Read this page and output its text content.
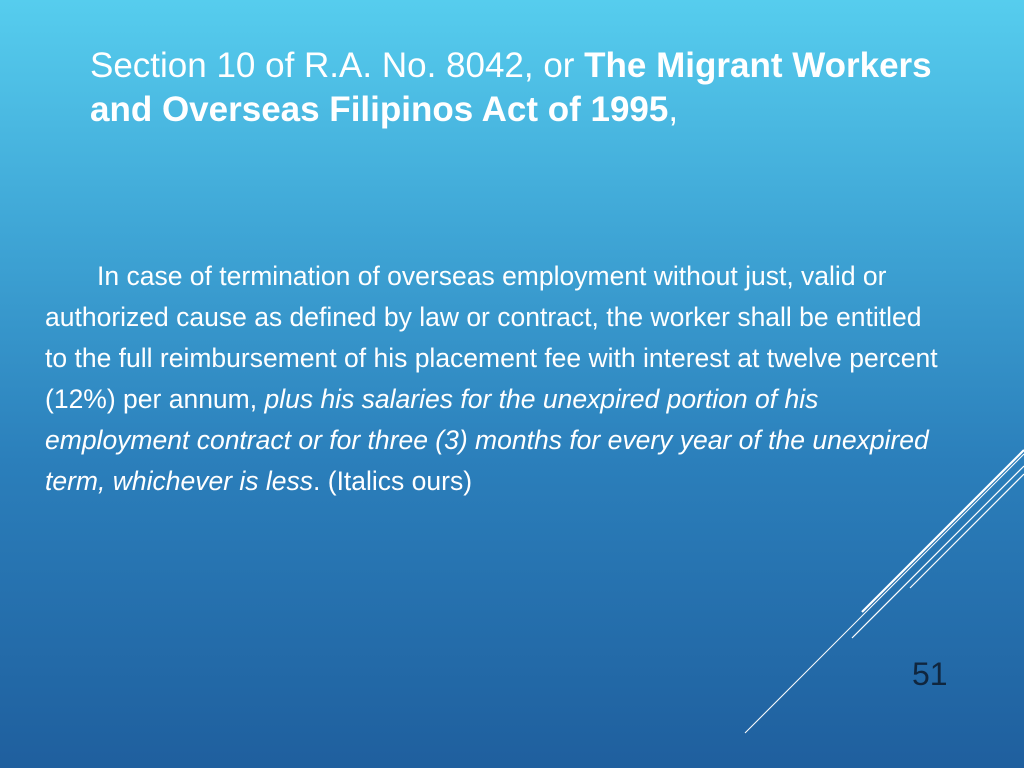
Section 10 of R.A. No. 8042, or The Migrant Workers and Overseas Filipinos Act of 1995,
In case of termination of overseas employment without just, valid or authorized cause as defined by law or contract, the worker shall be entitled to the full reimbursement of his placement fee with interest at twelve percent (12%) per annum, plus his salaries for the unexpired portion of his employment contract or for three (3) months for every year of the unexpired term, whichever is less. (Italics ours)
51
